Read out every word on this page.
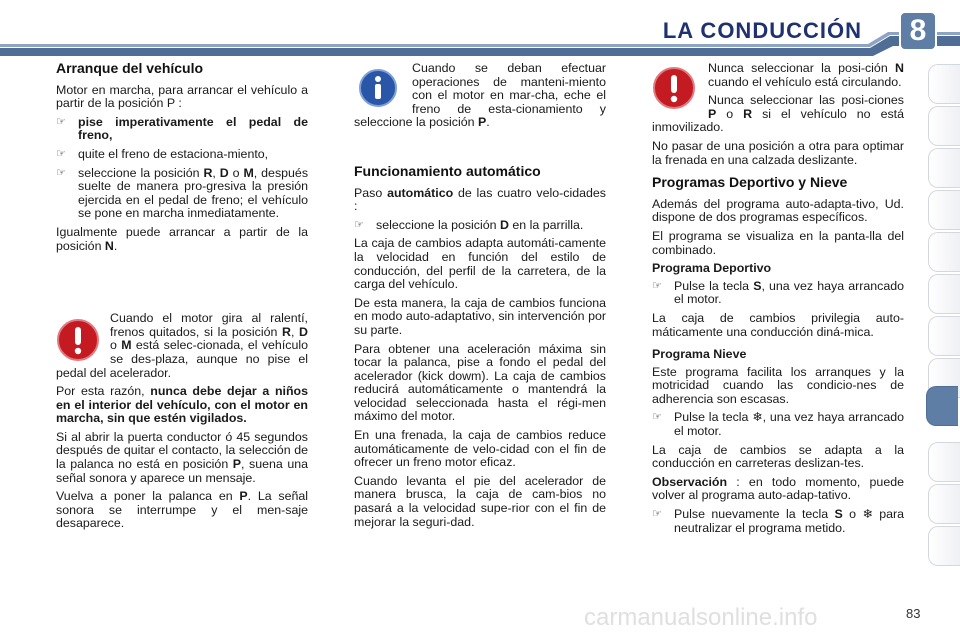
LA CONDUCCIÓN	8
Arranque del vehículo

Motor en marcha, para arrancar el vehículo a partir de la posición P :

☞ pise imperativamente el pedal de freno,
☞ quite el freno de estaciona-miento,
☞ seleccione la posición R, D o M, después suelte de manera pro-gresiva la presión ejercida en el pedal de freno; el vehículo se pone en marcha inmediatamente.

Igualmente puede arrancar a partir de la posición N.

Cuando el motor gira al ralentí, frenos quitados, si la posición R, D o M está selec-cionada, el vehículo se des-plaza, aunque no pise el pedal del acelerador.

Por esta razón, nunca debe dejar a niños en el interior del vehículo, con el motor en marcha, sin que estén vigilados.

Si al abrir la puerta conductor ó 45 segundos después de quitar el contacto, la selección de la palanca no está en posición P, suena una señal sonora y aparece un mensaje.

Vuelva a poner la palanca en P. La señal sonora se interrumpe y el men-saje desaparece.

Cuando se deban efectuar operaciones de manteni-miento con el motor en mar-cha, eche el freno de esta-cionamiento y seleccione la posición P.

Funcionamiento automático

Paso automático de las cuatro velo-cidades :

☞ seleccione la posición D en la parrilla.

La caja de cambios adapta automáti-camente la velocidad en función del estilo de conducción, del perfil de la carretera, de la carga del vehículo.

De esta manera, la caja de cambios funciona en modo auto-adaptativo, sin intervención por su parte.

Para obtener una aceleración máxima sin tocar la palanca, pise a fondo el pedal del acelerador (kick dowm). La caja de cambios reducirá automáticamente o mantendrá la velocidad seleccionada hasta el régi-men máximo del motor.

En una frenada, la caja de cambios reduce automáticamente de velo-cidad con el fin de ofrecer un freno motor eficaz.

Cuando levanta el pie del acelerador de manera brusca, la caja de cam-bios no pasará a la velocidad supe-rior con el fin de mejorar la seguri-dad.

Nunca seleccionar la posi-ción N cuando el vehículo está circulando.

Nunca seleccionar las posi-ciones P o R si el vehículo no está inmovilizado.

No pasar de una posición a otra para optimar la frenada en una calzada deslizante.

Programas Deportivo y Nieve

Además del programa auto-adapta-tivo, Ud. dispone de dos programas específicos.

El programa se visualiza en la panta-lla del combinado.

Programa Deportivo
☞ Pulse la tecla S, una vez haya arrancado el motor.

La caja de cambios privilegia auto-máticamente una conducción diná-mica.

Programa Nieve

Este programa facilita los arranques y la motricidad cuando las condicio-nes de adherencia son escasas.

☞ Pulse la tecla ❄, una vez haya arrancado el motor.

La caja de cambios se adapta a la conducción en carreteras deslizan-tes.

Observación : en todo momento, puede volver al programa auto-adap-tativo.

☞ Pulse nuevamente la tecla S o ❄ para neutralizar el programa metido.
carmanualsonline.info	83
